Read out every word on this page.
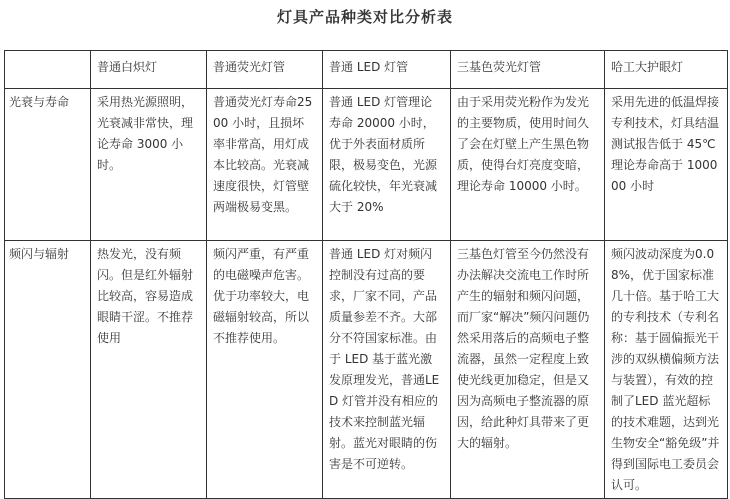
灯具产品种类对比分析表
	普通白炽灯	普通荧光灯管	普通 LED 灯管	三基色荧光灯管	哈工大护眼灯
光衰与寿命	采用热光源照明，光衰减非常快，理论寿命 3000 小时。	普通荧光灯寿命2500 小时，且损坏率非常高，用灯成本比较高。光衰减速度很快，灯管壁两端极易变黑。	普通 LED 灯管理论寿命 20000 小时，优于外表面材质所限，极易变色，光源硫化较快，年光衰减大于 20%	由于采用荧光粉作为发光的主要物质，使用时间久了会在灯壁上产生黑色物质，使得台灯亮度变暗，理论寿命 10000 小时。	采用先进的低温焊接专利技术，灯具结温测试报告低于 45℃理论寿命高于 100000 小时
频闪与辐射	热发光，没有频闪。但是红外辐射比较高，容易造成眼睛干涩。不推荐使用	频闪严重，有严重的电磁噪声危害。优于功率较大，电磁辐射较高，所以不推荐使用。	普通 LED 灯对频闪控制没有过高的要求，厂家不同，产品质量参差不齐。大部分不符国家标准。由于 LED 基于蓝光激发原理发光，普通LED 灯管并没有相应的技术来控制蓝光辐射。蓝光对眼睛的伤害是不可逆转。	三基色灯管至今仍然没有办法解决交流电工作时所产生的辐射和频闪问题，而厂家“解决”频闪问题仍然采用落后的高频电子整流器，虽然一定程度上致使光线更加稳定，但是又因为高频电子整流器的原因，给此种灯具带来了更大的辐射。	频闪波动深度为0.08%，优于国家标准几十倍。基于哈工大的专利技术（专利名称：基于圆偏振光干涉的双纵横偏频方法与装置），有效的控制了LED 蓝光超标的技术难题，达到光生物安全“豁免级”并得到国际电工委员会认可。
